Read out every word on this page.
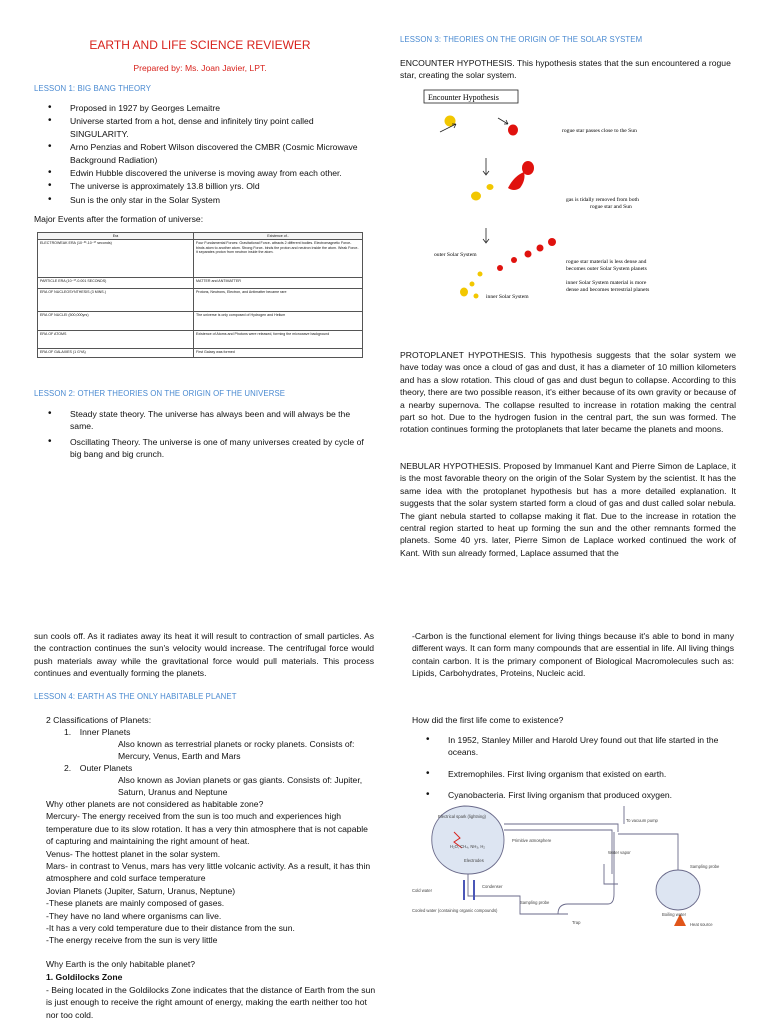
EARTH AND LIFE SCIENCE REVIEWER
Prepared by: Ms. Joan Javier, LPT.
LESSON 1: BIG BANG THEORY
• Proposed in 1927 by Georges Lemaitre
• Universe started from a hot, dense and infinitely tiny point called SINGULARITY.
• Arno Penzias and Robert Wilson discovered the CMBR (Cosmic Microwave Background Radiation)
• Edwin Hubble discovered the universe is moving away from each other.
• The universe is approximately 13.8 billion yrs. Old
• Sun is the only star in the Solar System
Major Events after the formation of universe:
Era	Existence of..
ELECTROWEAK ERA (10⁻³⁶-10⁻¹⁰ seconds)	Four Fundamental Forces: Gravitational Force- attracts 2 different bodies. Electromagnetic Force- binds atom to another atom. Strong Force- binds the proton and neutron inside the atom. Weak Force- it separates proton from neutron inside the atom.
PARTICLE ERA (10⁻¹⁰-0.001 SECONDS)	MATTER and ANTIMATTER
ERA OF NUCLEOSYNTHESIS (3 MINS.)	Protons, Neutrons, Electron, and Antimatter became rare
ERA OF NUCLEI (500,000yrs)	The universe is only composed of Hydrogen and Helium
ERA OF ATOMS	Existence of Atoms and Photons were released, forming the microwave background
ERA OF GALAXIES (1 GYA)	First Galaxy was formed
LESSON 2: OTHER THEORIES ON THE ORIGIN OF THE UNIVERSE
• Steady state theory. The universe has always been and will always be the same.
• Oscillating Theory. The universe is one of many universes created by cycle of big bang and big crunch.
LESSON 3: THEORIES ON THE ORIGIN OF THE SOLAR SYSTEM
ENCOUNTER HYPOTHESIS. This hypothesis states that the sun encountered a rogue star, creating the solar system.
Encounter Hypothesis
rogue star passes close to the Sun
gas is tidally removed from both
rogue star and Sun
outer Solar System
rogue star material is less dense and
becomes outer Solar System planets
inner Solar System material is more
dense and becomes terrestrial planets
inner Solar System
PROTOPLANET HYPOTHESIS. This hypothesis suggests that the solar system we have today was once a cloud of gas and dust, it has a diameter of 10 million kilometers and has a slow rotation. This cloud of gas and dust begun to collapse. According to this theory, there are two possible reason, it's either because of its own gravity or because of a nearby supernova. The collapse resulted to increase in rotation making the central part so hot. Due to the hydrogen fusion in the central part, the sun was formed. The rotation continues forming the protoplanets that later became the planets and moons.
NEBULAR HYPOTHESIS. Proposed by Immanuel Kant and Pierre Simon de Laplace, it is the most favorable theory on the origin of the Solar System by the scientist. It has the same idea with the protoplanet hypothesis but has a more detailed explanation. It suggests that the solar system started form a cloud of gas and dust called solar nebula. The giant nebula started to collapse making it flat. Due to the increase in rotation the central region started to heat up forming the sun and the other remnants formed the planets. Some 40 yrs. later, Pierre Simon de Laplace worked continued the work of Kant. With sun already formed, Laplace assumed that the
sun cools off. As it radiates away its heat it will result to contraction of small particles. As the contraction continues the sun's velocity would increase. The centrifugal force would push materials away while the gravitational force would pull materials. This process continues and eventually forming the planets.
LESSON 4: EARTH AS THE ONLY HABITABLE PLANET
2 Classifications of Planets:
1. Inner Planets
Also known as terrestrial planets or rocky planets. Consists of: Mercury, Venus, Earth and Mars
2. Outer Planets
Also known as Jovian planets or gas giants. Consists of: Jupiter, Saturn, Uranus and Neptune
Why other planets are not considered as habitable zone?
Mercury- The energy received from the sun is too much and experiences high temperature due to its slow rotation. It has a very thin atmosphere that is not capable of capturing and maintaining the right amount of heat.
Venus- The hottest planet in the solar system.
Mars- in contrast to Venus, mars has very little volcanic activity. As a result, it has thin atmosphere and cold surface temperature
Jovian Planets (Jupiter, Saturn, Uranus, Neptune)
-These planets are mainly composed of gases.
-They have no land where organisms can live.
-It has a very cold temperature due to their distance from the sun.
-The energy receive from the sun is very little
Why Earth is the only habitable planet?
1. Goldilocks Zone
- Being located in the Goldilocks Zone indicates that the distance of Earth from the sun is just enough to receive the right amount of energy, making the earth neither too hot nor too cold.
-Carbon is the functional element for living things because it's able to bond in many different ways. It can form many compounds that are essential in life. All living things contain carbon. It is the primary component of Biological Macromolecules such as: Lipids, Carbohydrates, Proteins, Nucleic acid.
How did the first life come to existence?
• In 1952, Stanley Miller and Harold Urey found out that life started in the oceans.
• Extremophiles. First living organism that existed on earth.
• Cyanobacteria. First living organism that produced oxygen.
Electrical spark (lightning)
H₂O, CH₄, NH₃, H₂
Electrodes
To vacuum pump
Condenser
Cold water
Cooled water (containing organic compounds)
Sampling probe
Trap
Boiling water
Heat source
Sampling probe
Water vapor
Primitive atmosphere
